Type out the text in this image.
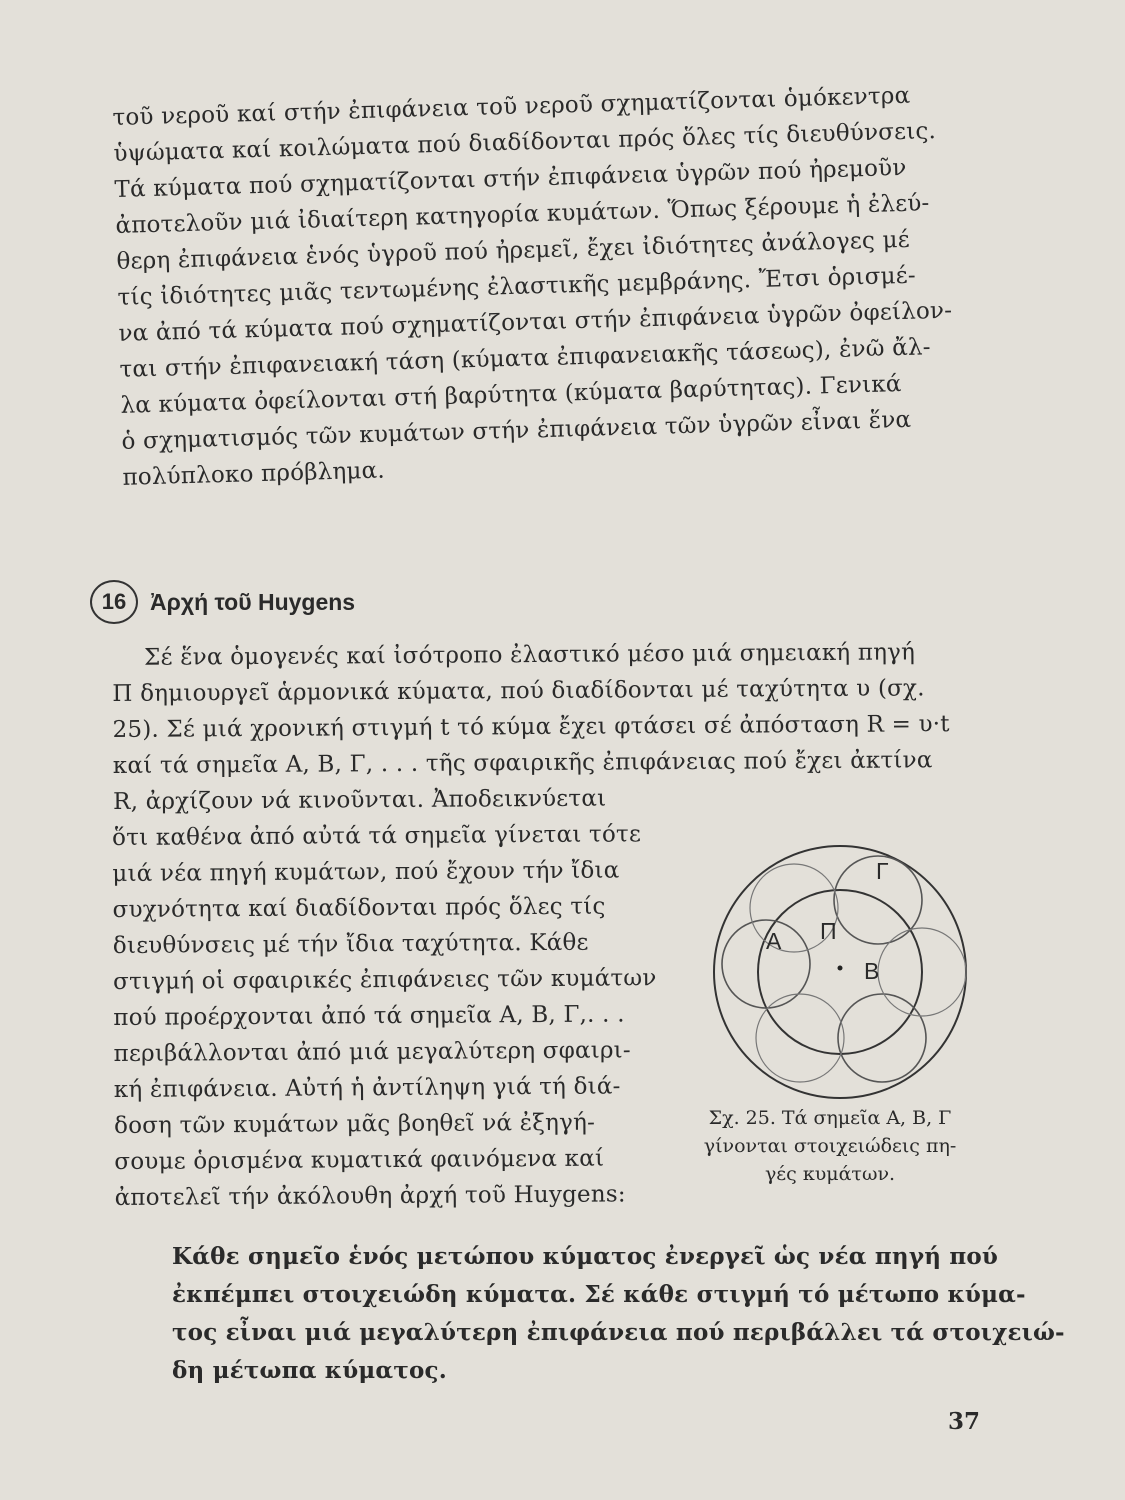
τοῦ νεροῦ καί στήν ἐπιφάνεια τοῦ νεροῦ σχηματίζονται ὁμόκεντρα
ὑψώματα καί κοιλώματα πού διαδίδονται πρός ὅλες τίς διευθύνσεις.
Τά κύματα πού σχηματίζονται στήν ἐπιφάνεια ὑγρῶν πού ἠρεμοῦν
ἀποτελοῦν μιά ἰδιαίτερη κατηγορία κυμάτων. Ὅπως ξέρουμε ἡ ἐλεύ-
θερη ἐπιφάνεια ἑνός ὑγροῦ πού ἠρεμεῖ, ἔχει ἰδιότητες ἀνάλογες μέ
τίς ἰδιότητες μιᾶς τεντωμένης ἐλαστικῆς μεμβράνης. Ἔτσι ὁρισμέ-
να ἀπό τά κύματα πού σχηματίζονται στήν ἐπιφάνεια ὑγρῶν ὀφείλον-
ται στήν ἐπιφανειακή τάση (κύματα ἐπιφανειακῆς τάσεως), ἐνῶ ἄλ-
λα κύματα ὀφείλονται στή βαρύτητα (κύματα βαρύτητας). Γενικά
ὁ σχηματισμός τῶν κυμάτων στήν ἐπιφάνεια τῶν ὑγρῶν εἶναι ἕνα
πολύπλοκο πρόβλημα.
16	Ἀρχή τοῦ Huygens
Σέ ἕνα ὁμογενές καί ἰσότροπο ἐλαστικό μέσο μιά σημειακή πηγή
Π δημιουργεῖ ἁρμονικά κύματα, πού διαδίδονται μέ ταχύτητα υ (σχ.
25). Σέ μιά χρονική στιγμή t τό κύμα ἔχει φτάσει σέ ἀπόσταση R = υ·t
καί τά σημεῖα Α, Β, Γ, . . . τῆς σφαιρικῆς ἐπιφάνειας πού ἔχει ἀκτίνα
R, ἀρχίζουν νά κινοῦνται. Ἀποδεικνύεται
ὅτι καθένα ἀπό αὐτά τά σημεῖα γίνεται τότε
μιά νέα πηγή κυμάτων, πού ἔχουν τήν ἴδια
συχνότητα καί διαδίδονται πρός ὅλες τίς
διευθύνσεις μέ τήν ἴδια ταχύτητα. Κάθε
στιγμή οἱ σφαιρικές ἐπιφάνειες τῶν κυμάτων
πού προέρχονται ἀπό τά σημεῖα Α, Β, Γ,. . .
περιβάλλονται ἀπό μιά μεγαλύτερη σφαιρι-
κή ἐπιφάνεια. Αὐτή ἡ ἀντίληψη γιά τή διά-
δοση τῶν κυμάτων μᾶς βοηθεῖ νά ἐξηγή-
σουμε ὁρισμένα κυματικά φαινόμενα καί
ἀποτελεῖ τήν ἀκόλουθη ἀρχή τοῦ Huygens:
Α
Β
Γ
Π
Σχ. 25. Τά σημεῖα Α, Β, Γ
γίνονται στοιχειώδεις πη-
γές κυμάτων.
Κάθε σημεῖο ἑνός μετώπου κύματος ἐνεργεῖ ὡς νέα πηγή πού
ἐκπέμπει στοιχειώδη κύματα. Σέ κάθε στιγμή τό μέτωπο κύμα-
τος εἶναι μιά μεγαλύτερη ἐπιφάνεια πού περιβάλλει τά στοιχειώ-
δη μέτωπα κύματος.
37
